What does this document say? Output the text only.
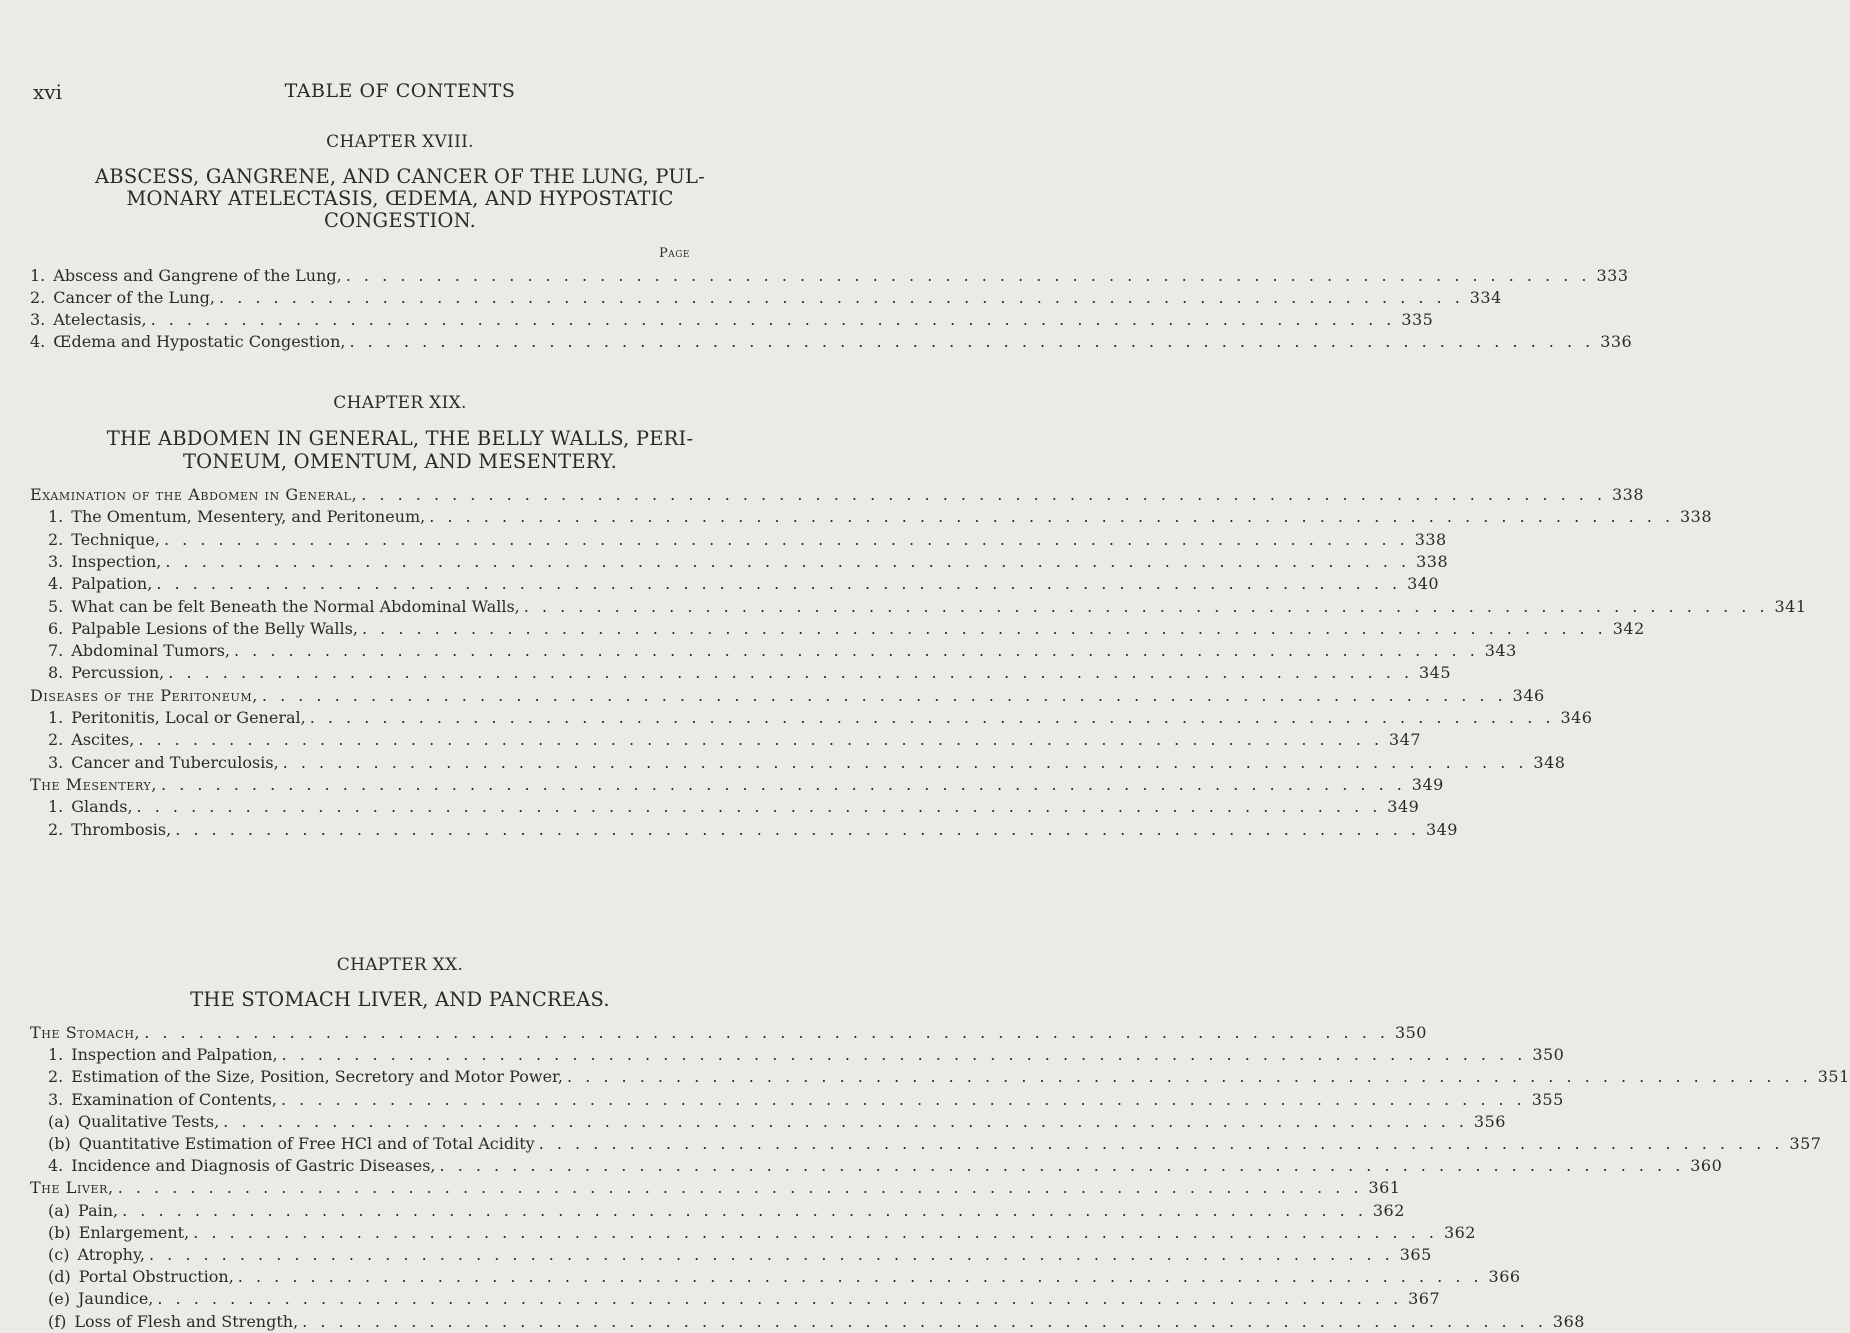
xvi	TABLE OF CONTENTS
CHAPTER XVIII.
ABSCESS, GANGRENE, AND CANCER OF THE LUNG, PUL-
MONARY ATELECTASIS, ŒDEMA, AND HYPOSTATIC
CONGESTION.
Page
1. Abscess and Gangrene of the Lung, . . . . . . . . . . . . . . . . . . . . . . . . . . . . . . . . . . . . . . . . . . . . . . . . . . . . . . . . . . . . . . . . . . . . . 333
2. Cancer of the Lung, . . . . . . . . . . . . . . . . . . . . . . . . . . . . . . . . . . . . . . . . . . . . . . . . . . . . . . . . . . . . . . . . . . . . . 334
3. Atelectasis, . . . . . . . . . . . . . . . . . . . . . . . . . . . . . . . . . . . . . . . . . . . . . . . . . . . . . . . . . . . . . . . . . . . . . 335
4. Œdema and Hypostatic Congestion, . . . . . . . . . . . . . . . . . . . . . . . . . . . . . . . . . . . . . . . . . . . . . . . . . . . . . . . . . . . . . . . . . . . . . 336
CHAPTER XIX.
THE ABDOMEN IN GENERAL, THE BELLY WALLS, PERI-
TONEUM, OMENTUM, AND MESENTERY.
Examination of the Abdomen in General, . . . . . . . . . . . . . . . . . . . . . . . . . . . . . . . . . . . . . . . . . . . . . . . . . . . . . . . . . . . . . . . . . . . . . 338
1. The Omentum, Mesentery, and Peritoneum, . . . . . . . . . . . . . . . . . . . . . . . . . . . . . . . . . . . . . . . . . . . . . . . . . . . . . . . . . . . . . . . . . . . . . 338
2. Technique, . . . . . . . . . . . . . . . . . . . . . . . . . . . . . . . . . . . . . . . . . . . . . . . . . . . . . . . . . . . . . . . . . . . . . 338
3. Inspection, . . . . . . . . . . . . . . . . . . . . . . . . . . . . . . . . . . . . . . . . . . . . . . . . . . . . . . . . . . . . . . . . . . . . . 338
4. Palpation, . . . . . . . . . . . . . . . . . . . . . . . . . . . . . . . . . . . . . . . . . . . . . . . . . . . . . . . . . . . . . . . . . . . . . 340
5. What can be felt Beneath the Normal Abdominal Walls, . . . . . . . . . . . . . . . . . . . . . . . . . . . . . . . . . . . . . . . . . . . . . . . . . . . . . . . . . . . . . . . . . . . . . 341
6. Palpable Lesions of the Belly Walls, . . . . . . . . . . . . . . . . . . . . . . . . . . . . . . . . . . . . . . . . . . . . . . . . . . . . . . . . . . . . . . . . . . . . . 342
7. Abdominal Tumors, . . . . . . . . . . . . . . . . . . . . . . . . . . . . . . . . . . . . . . . . . . . . . . . . . . . . . . . . . . . . . . . . . . . . . 343
8. Percussion, . . . . . . . . . . . . . . . . . . . . . . . . . . . . . . . . . . . . . . . . . . . . . . . . . . . . . . . . . . . . . . . . . . . . . 345
Diseases of the Peritoneum, . . . . . . . . . . . . . . . . . . . . . . . . . . . . . . . . . . . . . . . . . . . . . . . . . . . . . . . . . . . . . . . . . . . . . 346
1. Peritonitis, Local or General, . . . . . . . . . . . . . . . . . . . . . . . . . . . . . . . . . . . . . . . . . . . . . . . . . . . . . . . . . . . . . . . . . . . . . 346
2. Ascites, . . . . . . . . . . . . . . . . . . . . . . . . . . . . . . . . . . . . . . . . . . . . . . . . . . . . . . . . . . . . . . . . . . . . . 347
3. Cancer and Tuberculosis, . . . . . . . . . . . . . . . . . . . . . . . . . . . . . . . . . . . . . . . . . . . . . . . . . . . . . . . . . . . . . . . . . . . . . 348
The Mesentery, . . . . . . . . . . . . . . . . . . . . . . . . . . . . . . . . . . . . . . . . . . . . . . . . . . . . . . . . . . . . . . . . . . . . . 349
1. Glands, . . . . . . . . . . . . . . . . . . . . . . . . . . . . . . . . . . . . . . . . . . . . . . . . . . . . . . . . . . . . . . . . . . . . . 349
2. Thrombosis, . . . . . . . . . . . . . . . . . . . . . . . . . . . . . . . . . . . . . . . . . . . . . . . . . . . . . . . . . . . . . . . . . . . . . 349
CHAPTER XX.
THE STOMACH LIVER, AND PANCREAS.
The Stomach, . . . . . . . . . . . . . . . . . . . . . . . . . . . . . . . . . . . . . . . . . . . . . . . . . . . . . . . . . . . . . . . . . . . . . 350
1. Inspection and Palpation, . . . . . . . . . . . . . . . . . . . . . . . . . . . . . . . . . . . . . . . . . . . . . . . . . . . . . . . . . . . . . . . . . . . . . 350
2. Estimation of the Size, Position, Secretory and Motor Power, . . . . . . . . . . . . . . . . . . . . . . . . . . . . . . . . . . . . . . . . . . . . . . . . . . . . . . . . . . . . . . . . . . . . . 351
3. Examination of Contents, . . . . . . . . . . . . . . . . . . . . . . . . . . . . . . . . . . . . . . . . . . . . . . . . . . . . . . . . . . . . . . . . . . . . . 355
(a) Qualitative Tests, . . . . . . . . . . . . . . . . . . . . . . . . . . . . . . . . . . . . . . . . . . . . . . . . . . . . . . . . . . . . . . . . . . . . . 356
(b) Quantitative Estimation of Free HCl and of Total Acidity . . . . . . . . . . . . . . . . . . . . . . . . . . . . . . . . . . . . . . . . . . . . . . . . . . . . . . . . . . . . . . . . . . . . . 357
4. Incidence and Diagnosis of Gastric Diseases, . . . . . . . . . . . . . . . . . . . . . . . . . . . . . . . . . . . . . . . . . . . . . . . . . . . . . . . . . . . . . . . . . . . . . 360
The Liver, . . . . . . . . . . . . . . . . . . . . . . . . . . . . . . . . . . . . . . . . . . . . . . . . . . . . . . . . . . . . . . . . . . . . . 361
(a) Pain, . . . . . . . . . . . . . . . . . . . . . . . . . . . . . . . . . . . . . . . . . . . . . . . . . . . . . . . . . . . . . . . . . . . . . 362
(b) Enlargement, . . . . . . . . . . . . . . . . . . . . . . . . . . . . . . . . . . . . . . . . . . . . . . . . . . . . . . . . . . . . . . . . . . . . . 362
(c) Atrophy, . . . . . . . . . . . . . . . . . . . . . . . . . . . . . . . . . . . . . . . . . . . . . . . . . . . . . . . . . . . . . . . . . . . . . 365
(d) Portal Obstruction, . . . . . . . . . . . . . . . . . . . . . . . . . . . . . . . . . . . . . . . . . . . . . . . . . . . . . . . . . . . . . . . . . . . . . 366
(e) Jaundice, . . . . . . . . . . . . . . . . . . . . . . . . . . . . . . . . . . . . . . . . . . . . . . . . . . . . . . . . . . . . . . . . . . . . . 367
(f) Loss of Flesh and Strength, . . . . . . . . . . . . . . . . . . . . . . . . . . . . . . . . . . . . . . . . . . . . . . . . . . . . . . . . . . . . . . . . . . . . . 368
